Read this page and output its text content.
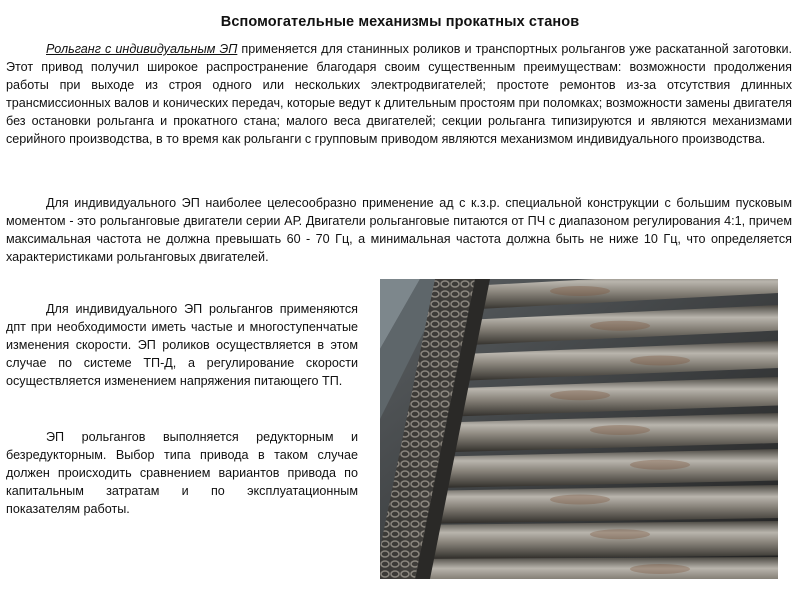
Вспомогательные механизмы прокатных станов

Рольганг с индивидуальным ЭП применяется для станинных роликов и транспортных рольгангов уже раскатанной заготовки. Этот привод получил широкое распространение благодаря своим существенным преимуществам: возможности продолжения работы при выходе из строя одного или нескольких электродвигателей; простоте ремонтов из-за отсутствия длинных трансмиссионных валов и конических передач, которые ведут к длительным простоям при поломках; возможности замены двигателя без остановки рольганга и прокатного стана; малого веса двигателей; секции рольганга типизируются и являются механизмами серийного производства, в то время как рольганги с групповым приводом являются механизмом индивидуального производства.

Для индивидуального ЭП наиболее целесообразно применение ад с к.з.р. специальной конструкции с большим пусковым моментом - это рольганговые двигатели серии АР. Двигатели рольганговые питаются от ПЧ с диапазоном регулирования 4:1, причем максимальная частота не должна превышать 60 - 70 Гц, а минимальная частота должна быть не ниже 10 Гц, что определяется характеристиками рольганговых двигателей.

Для индивидуального ЭП рольгангов применяются дпт при необходимости иметь частые и многоступенчатые изменения скорости. ЭП роликов осуществляется в этом случае по системе ТП-Д, а регулирование скорости осуществляется изменением напряжения питающего ТП.

ЭП рольгангов выполняется редукторным и безредукторным. Выбор типа привода в таком случае должен происходить сравнением вариантов привода по капитальным затратам и по эксплуатационным показателям работы.
